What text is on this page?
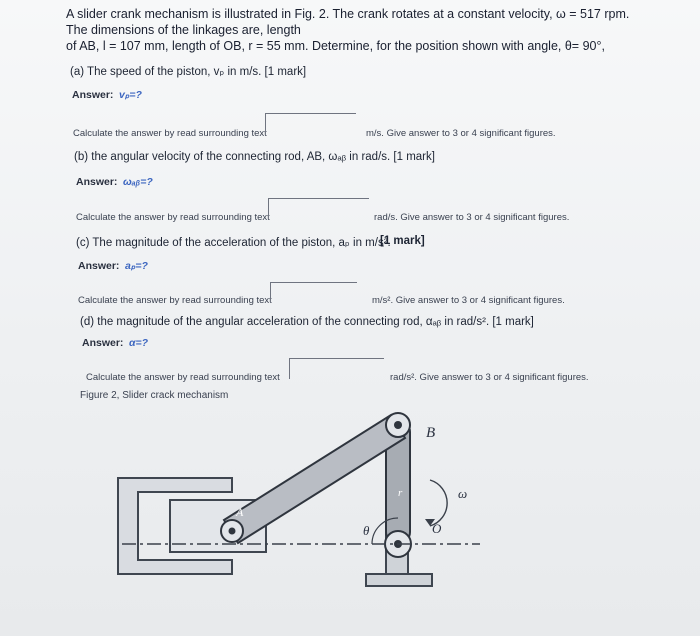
A slider crank mechanism is illustrated in Fig. 2. The crank rotates at a constant velocity, ω = 517 rpm.
The dimensions of the linkages are, length
of AB, l = 107 mm, length of OB, r = 55 mm. Determine, for the position shown with angle, θ= 90°,
(a) The speed of the piston, vₚ in m/s. [1 mark]
Answer: vₚ=?
Calculate the answer by read surrounding text	m/s. Give answer to 3 or 4 significant figures.
(b) the angular velocity of the connecting rod, AB, ωₐᵦ in rad/s. [1 mark]
Answer: ωₐᵦ=?
Calculate the answer by read surrounding text	rad/s. Give answer to 3 or 4 significant figures.
(c) The magnitude of the acceleration of the piston, aₚ in m/s².
[1 mark]
Answer: aₚ=?
Calculate the answer by read surrounding text	m/s². Give answer to 3 or 4 significant figures.
(d) the magnitude of the angular acceleration of the connecting rod, αₐᵦ in rad/s². [1 mark]
Answer: α=?
Calculate the answer by read surrounding text	rad/s². Give answer to 3 or 4 significant figures.
Figure 2, Slider crack mechanism
B
A
O
ω
θ
r
